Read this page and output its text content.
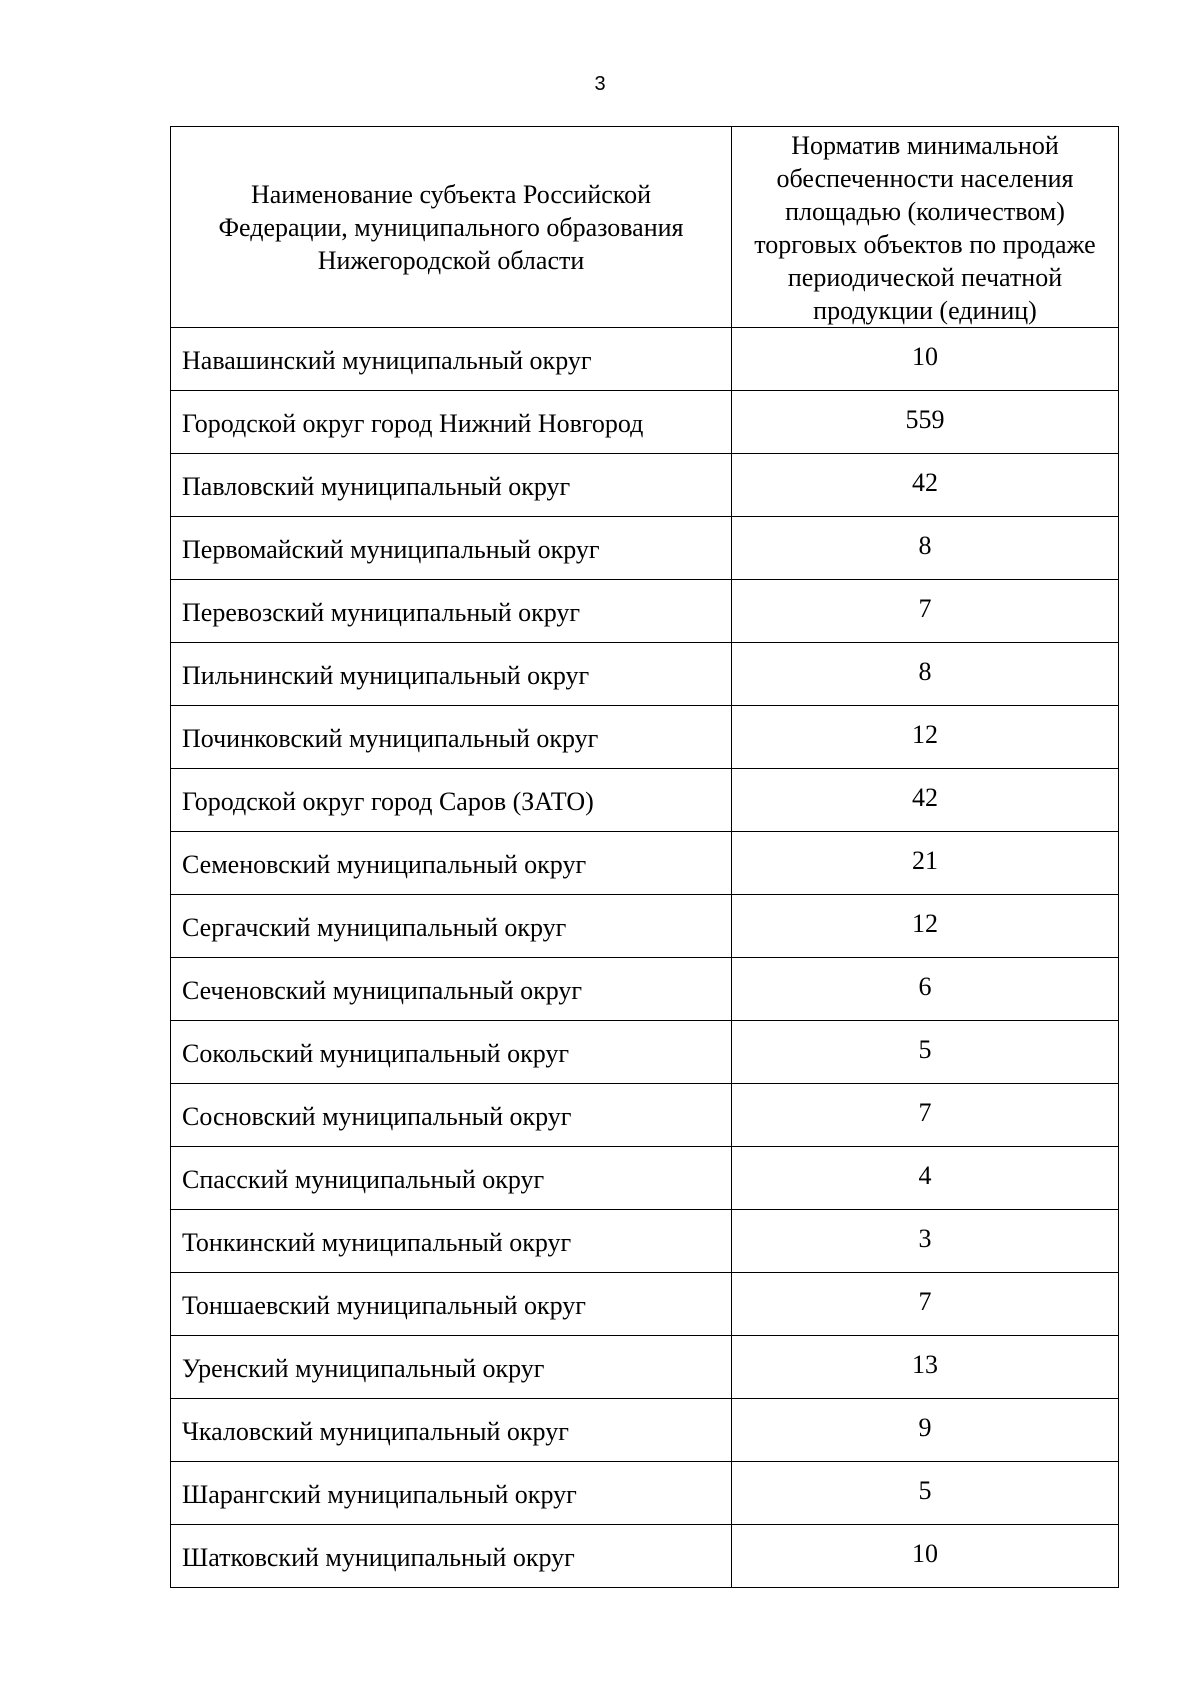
3
Наименование субъекта Российской Федерации, муниципального образования Нижегородской области	Норматив минимальной обеспеченности населения площадью (количеством) торговых объектов по продаже периодической печатной продукции (единиц)
Навашинский муниципальный округ	10
Городской округ город Нижний Новгород	559
Павловский муниципальный округ	42
Первомайский муниципальный округ	8
Перевозский муниципальный округ	7
Пильнинский муниципальный округ	8
Починковский муниципальный округ	12
Городской округ город Саров (ЗАТО)	42
Семеновский муниципальный округ	21
Сергачский муниципальный округ	12
Сеченовский муниципальный округ	6
Сокольский муниципальный округ	5
Сосновский муниципальный округ	7
Спасский муниципальный округ	4
Тонкинский муниципальный округ	3
Тоншаевский муниципальный округ	7
Уренский муниципальный округ	13
Чкаловский муниципальный округ	9
Шарангский муниципальный округ	5
Шатковский муниципальный округ	10
